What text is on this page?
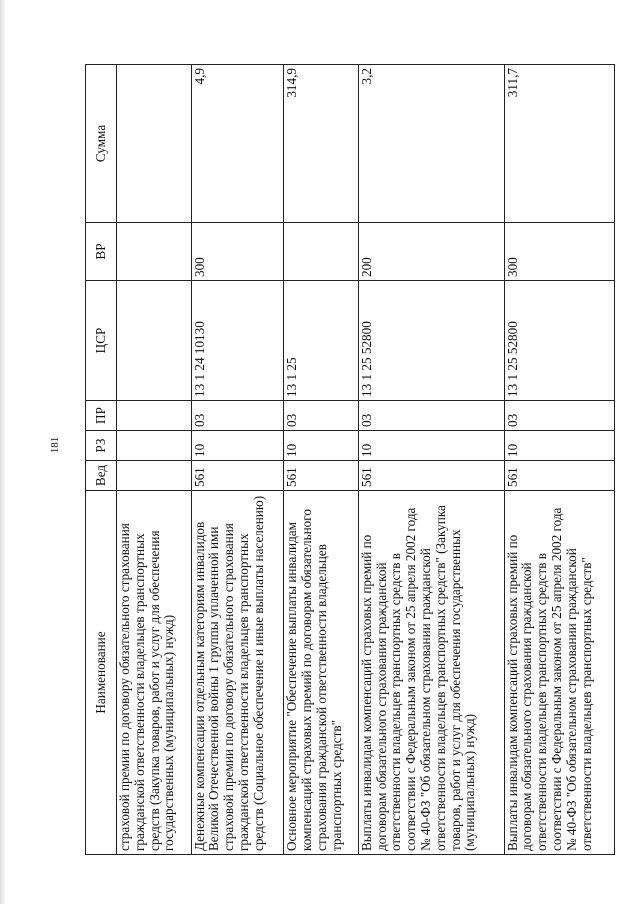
181
Наименование	Вед	РЗ	ПР	ЦСР	ВР	Сумма
страховой премии по договору обязательного страхования гражданской ответственности владельцев транспортных средств (Закупка товаров, работ и услуг для обеспечения государственных (муниципальных) нужд)						
Денежные компенсации отдельным категориям инвалидов Великой Отечественной войны 1 группы уплаченной ими страховой премии по договору обязательного страхования гражданской ответственности владельцев транспортных средств (Социальное обеспечение и иные выплаты населению)	561	10	03	13 1 24 10130	300	4,9
Основное мероприятие "Обеспечение выплаты инвалидам компенсаций страховых премий по договорам обязательного страхования гражданской ответственности владельцев транспортных средств"	561	10	03	13 1 25		314,9
Выплаты инвалидам компенсаций страховых премий по договорам обязательного страхования гражданской ответственности владельцев транспортных средств в соответствии с Федеральным законом от 25 апреля 2002 года № 40-ФЗ "Об обязательном страховании гражданской ответственности владельцев транспортных средств" (Закупка товаров, работ и услуг для обеспечения государственных (муниципальных) нужд)	561	10	03	13 1 25 52800	200	3,2
Выплаты инвалидам компенсаций страховых премий по договорам обязательного страхования гражданской ответственности владельцев транспортных средств в соответствии с Федеральным законом от 25 апреля 2002 года № 40-ФЗ "Об обязательном страховании гражданской ответственности владельцев транспортных средств"	561	10	03	13 1 25 52800	300	311,7
